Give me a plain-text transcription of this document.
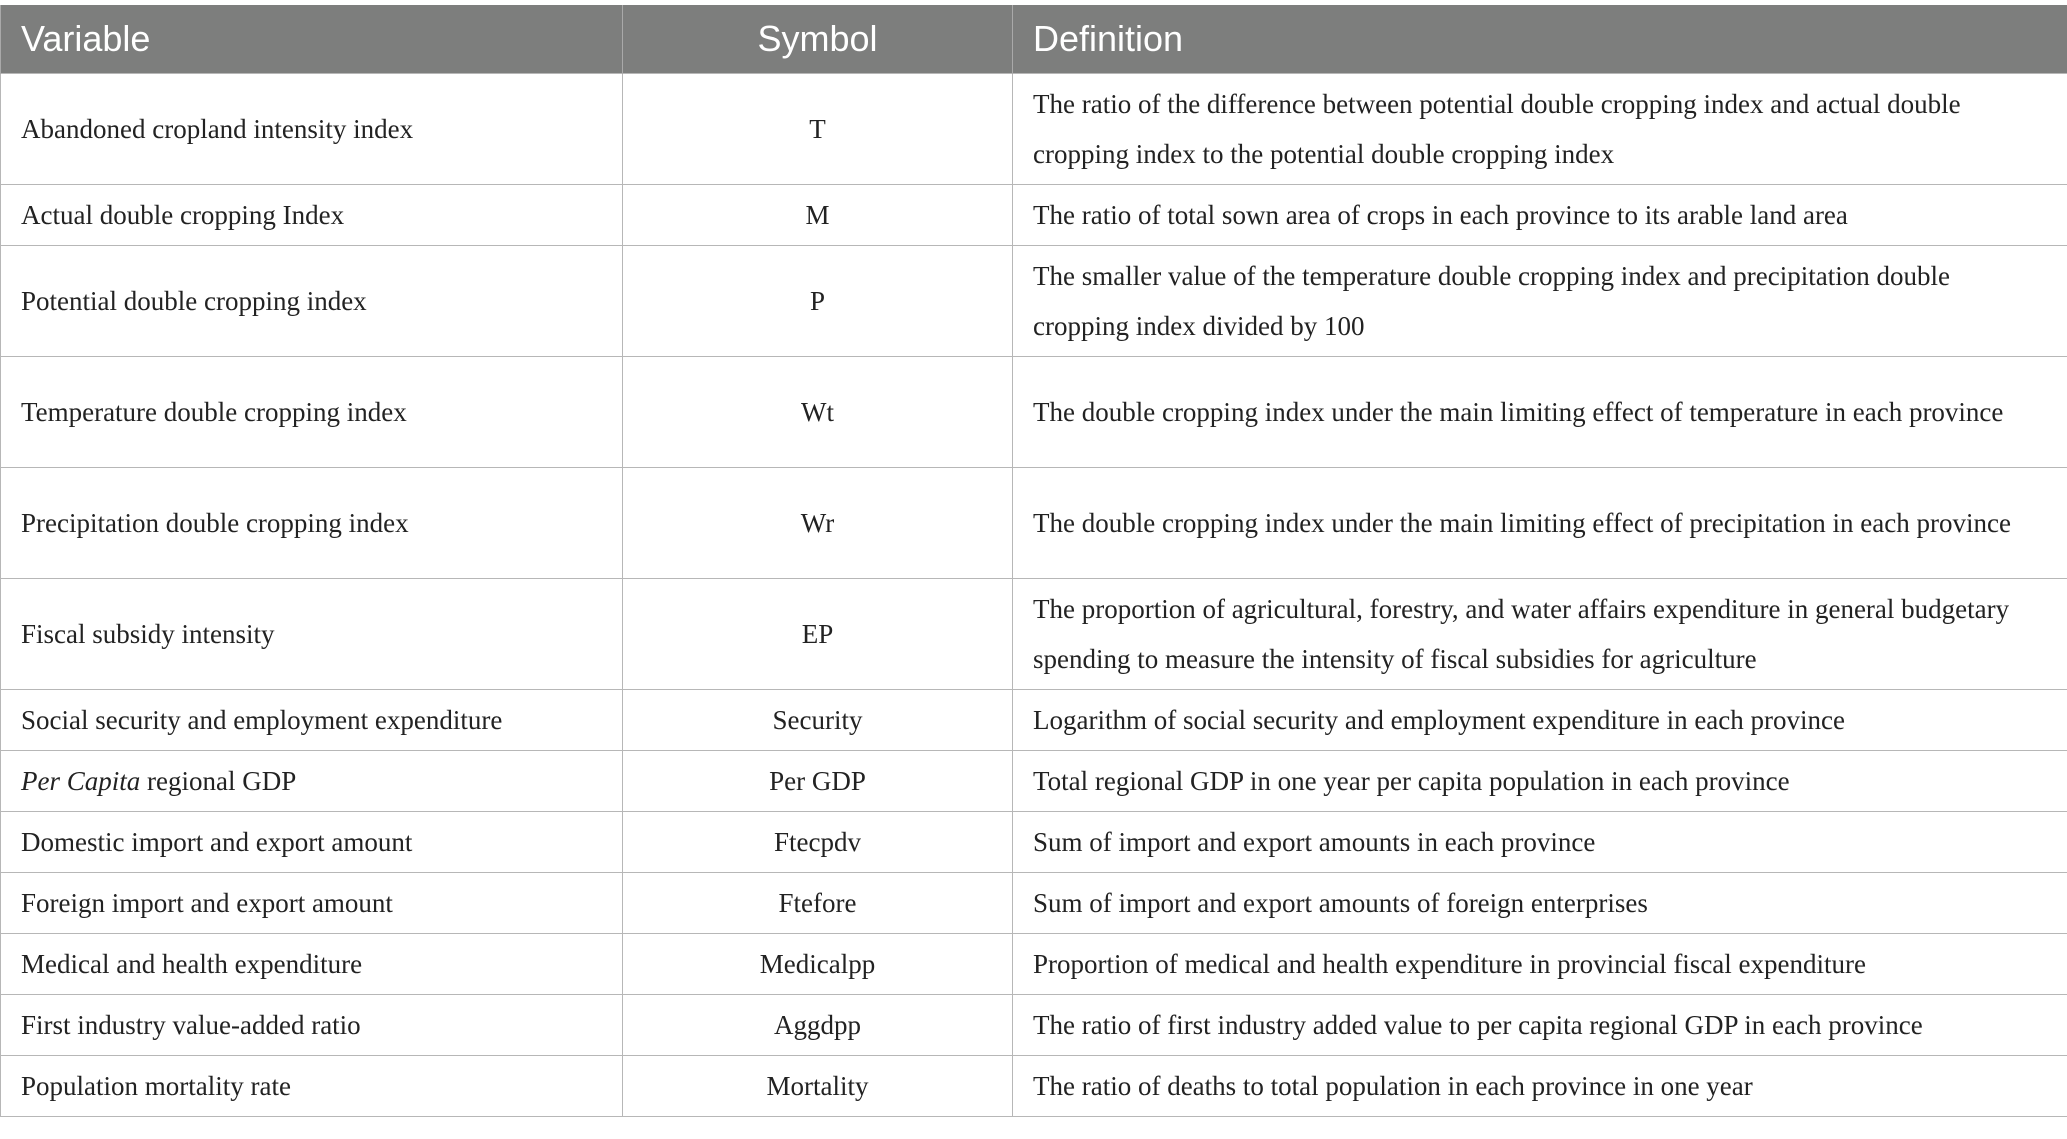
Variable	Symbol	Definition
Abandoned cropland intensity index	T	The ratio of the difference between potential double cropping index and actual double cropping index to the potential double cropping index
Actual double cropping Index	M	The ratio of total sown area of crops in each province to its arable land area
Potential double cropping index	P	The smaller value of the temperature double cropping index and precipitation double cropping index divided by 100
Temperature double cropping index	Wt	The double cropping index under the main limiting effect of temperature in each province
Precipitation double cropping index	Wr	The double cropping index under the main limiting effect of precipitation in each province
Fiscal subsidy intensity	EP	The proportion of agricultural, forestry, and water affairs expenditure in general budgetary spending to measure the intensity of fiscal subsidies for agriculture
Social security and employment expenditure	Security	Logarithm of social security and employment expenditure in each province
Per Capita regional GDP	Per GDP	Total regional GDP in one year per capita population in each province
Domestic import and export amount	Ftecpdv	Sum of import and export amounts in each province
Foreign import and export amount	Ftefore	Sum of import and export amounts of foreign enterprises
Medical and health expenditure	Medicalpp	Proportion of medical and health expenditure in provincial fiscal expenditure
First industry value-added ratio	Aggdpp	The ratio of first industry added value to per capita regional GDP in each province
Population mortality rate	Mortality	The ratio of deaths to total population in each province in one year
